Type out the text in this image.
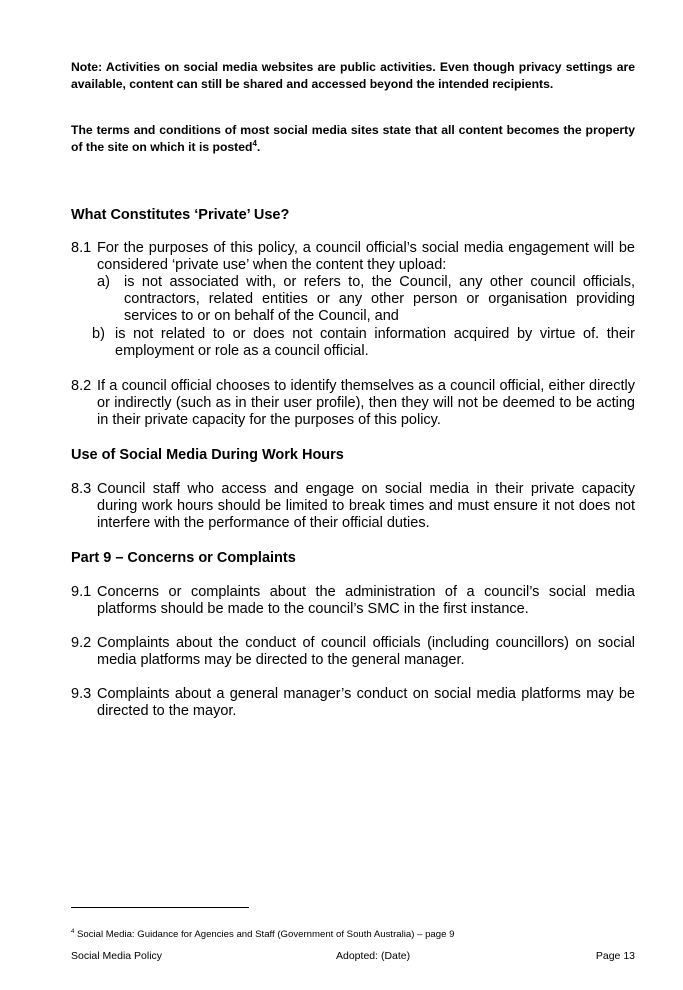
Note: Activities on social media websites are public activities. Even though privacy settings are available, content can still be shared and accessed beyond the intended recipients.

The terms and conditions of most social media sites state that all content becomes the property of the site on which it is posted$^4$.

What Constitutes ‘Private’ Use?
8.1 For the purposes of this policy, a council official’s social media engagement will be considered ‘private use’ when the content they upload:
a) is not associated with, or refers to, the Council, any other council officials, contractors, related entities or any other person or organisation providing services to or on behalf of the Council, and
b) is not related to or does not contain information acquired by virtue of. their employment or role as a council official.
8.2 If a council official chooses to identify themselves as a council official, either directly or indirectly (such as in their user profile), then they will not be deemed to be acting in their private capacity for the purposes of this policy.
Use of Social Media During Work Hours
8.3 Council staff who access and engage on social media in their private capacity during work hours should be limited to break times and must ensure it not does not interfere with the performance of their official duties.
Part 9 – Concerns or Complaints
9.1 Concerns or complaints about the administration of a council’s social media platforms should be made to the council’s SMC in the first instance.
9.2 Complaints about the conduct of council officials (including councillors) on social media platforms may be directed to the general manager.
9.3 Complaints about a general manager’s conduct on social media platforms may be directed to the mayor.

$^4$ Social Media: Guidance for Agencies and Staff (Government of South Australia) – page 9

Social Media Policy	Adopted: (Date)	Page 13
